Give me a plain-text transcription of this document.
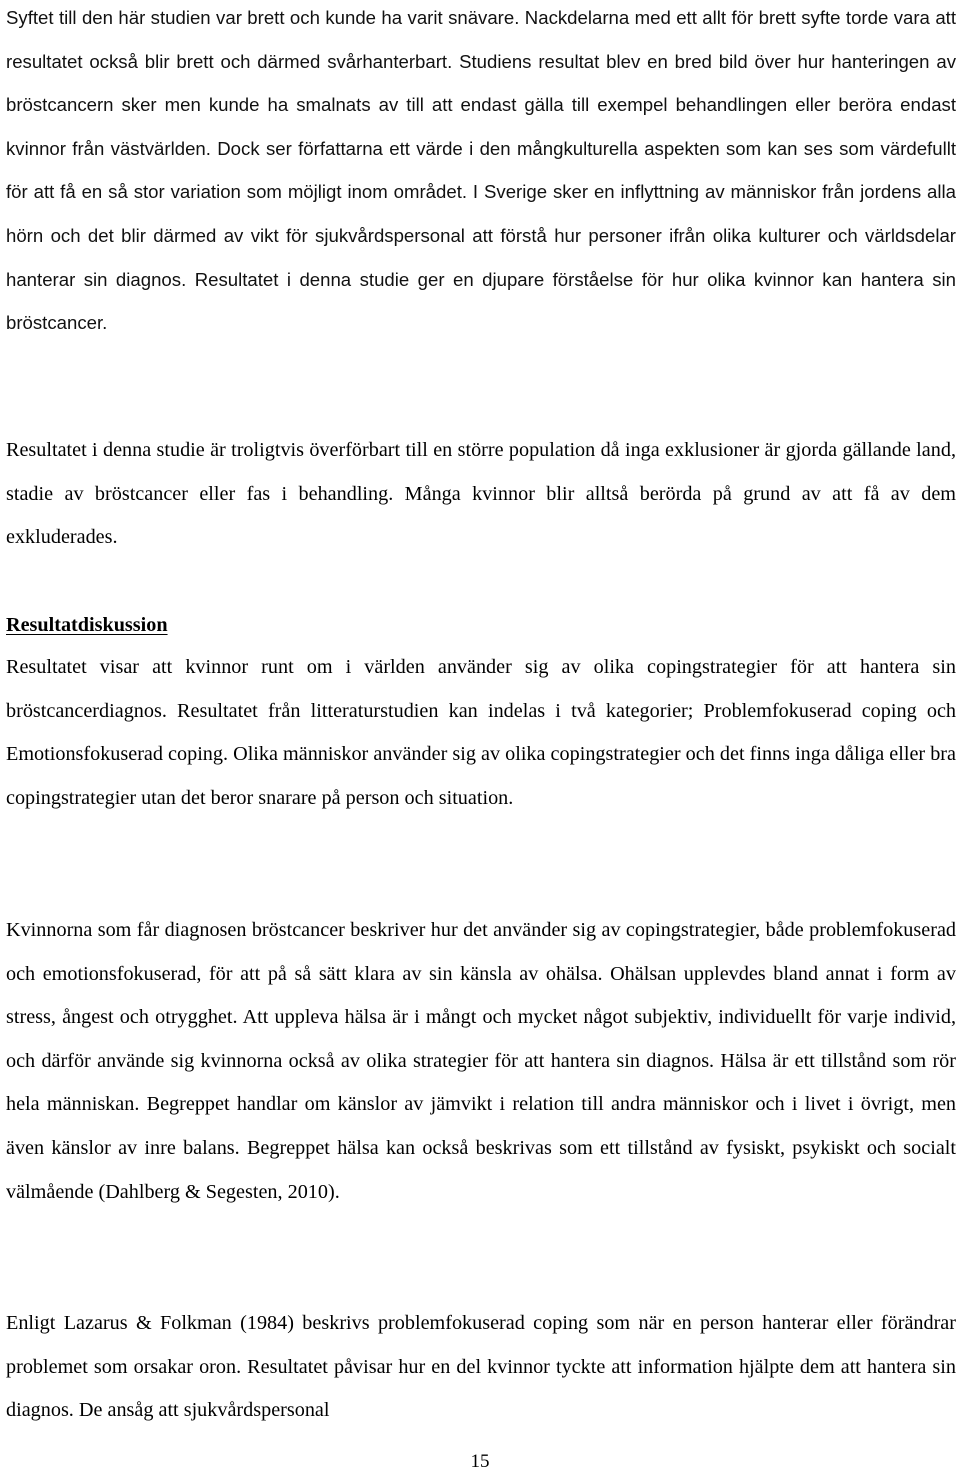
Syftet till den här studien var brett och kunde ha varit snävare. Nackdelarna med ett allt för brett syfte torde vara att resultatet också blir brett och därmed svårhanterbart. Studiens resultat blev en bred bild över hur hanteringen av bröstcancern sker men kunde ha smalnats av till att endast gälla till exempel behandlingen eller beröra endast kvinnor från västvärlden. Dock ser författarna ett värde i den mångkulturella aspekten som kan ses som värdefullt för att få en så stor variation som möjligt inom området. I Sverige sker en inflyttning av människor från jordens alla hörn och det blir därmed av vikt för sjukvårdspersonal att förstå hur personer ifrån olika kulturer och världsdelar hanterar sin diagnos. Resultatet i denna studie ger en djupare förståelse för hur olika kvinnor kan hantera sin bröstcancer.

Resultatet i denna studie är troligtvis överförbart till en större population då inga exklusioner är gjorda gällande land, stadie av bröstcancer eller fas i behandling. Många kvinnor blir alltså berörda på grund av att få av dem exkluderades.

Resultatdiskussion

Resultatet visar att kvinnor runt om i världen använder sig av olika copingstrategier för att hantera sin bröstcancerdiagnos. Resultatet från litteraturstudien kan indelas i två kategorier; Problemfokuserad coping och Emotionsfokuserad coping. Olika människor använder sig av olika copingstrategier och det finns inga dåliga eller bra copingstrategier utan det beror snarare på person och situation.

Kvinnorna som får diagnosen bröstcancer beskriver hur det använder sig av copingstrategier, både problemfokuserad och emotionsfokuserad, för att på så sätt klara av sin känsla av ohälsa. Ohälsan upplevdes bland annat i form av stress, ångest och otrygghet. Att uppleva hälsa är i mångt och mycket något subjektiv, individuellt för varje individ, och därför använde sig kvinnorna också av olika strategier för att hantera sin diagnos. Hälsa är ett tillstånd som rör hela människan. Begreppet handlar om känslor av jämvikt i relation till andra människor och i livet i övrigt, men även känslor av inre balans. Begreppet hälsa kan också beskrivas som ett tillstånd av fysiskt, psykiskt och socialt välmående (Dahlberg & Segesten, 2010).

Enligt Lazarus & Folkman (1984) beskrivs problemfokuserad coping som när en person hanterar eller förändrar problemet som orsakar oron. Resultatet påvisar hur en del kvinnor tyckte att information hjälpte dem att hantera sin diagnos. De ansåg att sjukvårdspersonal

15
